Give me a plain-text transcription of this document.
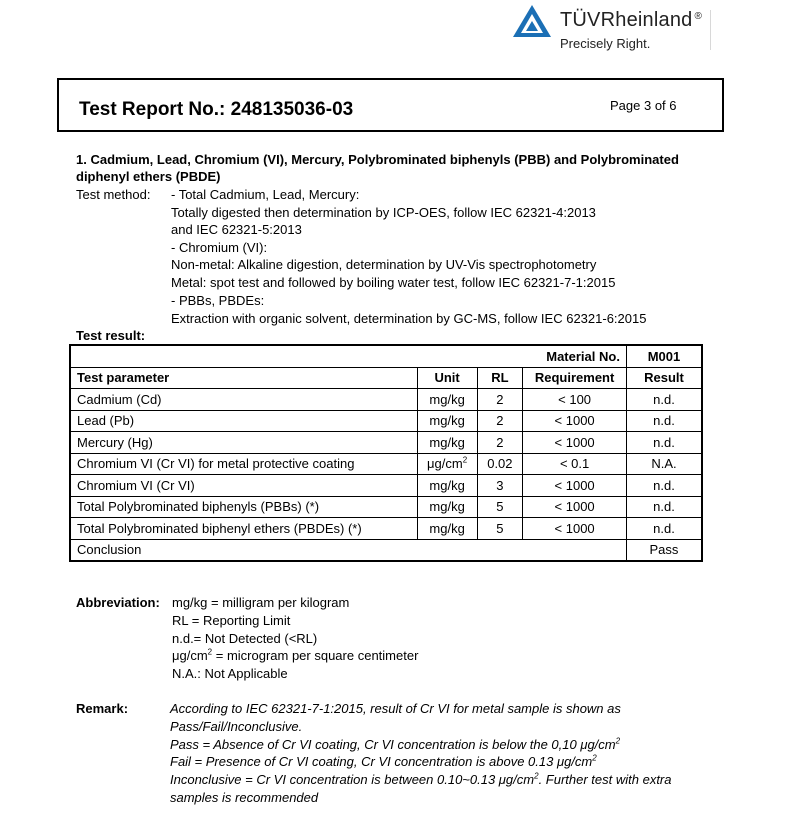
TÜVRheinland ®
Precisely Right.
Test Report No.: 248135036-03	Page 3 of 6
1. Cadmium, Lead, Chromium (VI), Mercury, Polybrominated biphenyls (PBB) and Polybrominated
diphenyl ethers (PBDE)
Test method: - Total Cadmium, Lead, Mercury:
Totally digested then determination by ICP-OES, follow IEC 62321-4:2013
and IEC 62321-5:2013
- Chromium (VI):
Non-metal: Alkaline digestion, determination by UV-Vis spectrophotometry
Metal: spot test and followed by boiling water test, follow IEC 62321-7-1:2015
- PBBs, PBDEs:
Extraction with organic solvent, determination by GC-MS, follow IEC 62321-6:2015
Test result:
Material No.				M001
Test parameter	Unit	RL	Requirement	Result
Cadmium (Cd)	mg/kg	2	< 100	n.d.
Lead (Pb)	mg/kg	2	< 1000	n.d.
Mercury (Hg)	mg/kg	2	< 1000	n.d.
Chromium VI (Cr VI) for metal protective coating	$\mu g/cm^2$	0.02	< 0.1	N.A.
Chromium VI (Cr VI)	mg/kg	3	< 1000	n.d.
Total Polybrominated biphenyls (PBBs) (*)	mg/kg	5	< 1000	n.d.
Total Polybrominated biphenyl ethers (PBDEs) (*)	mg/kg	5	< 1000	n.d.
Conclusion				Pass
Abbreviation: mg/kg = milligram per kilogram
RL = Reporting Limit
n.d.= Not Detected (<RL)
$\mu g/cm^2$ = microgram per square centimeter
N.A.: Not Applicable
Remark:	According to IEC 62321-7-1:2015, result of Cr VI for metal sample is shown as
Pass/Fail/Inconclusive.
Pass = Absence of Cr VI coating, Cr VI concentration is below the 0,10 $\mu g/cm^2$
Fail = Presence of Cr VI coating, Cr VI concentration is above 0.13 $\mu g/cm^2$
Inconclusive = Cr VI concentration is between 0.10~0.13 $\mu g/cm^2$. Further test with extra
samples is recommended
